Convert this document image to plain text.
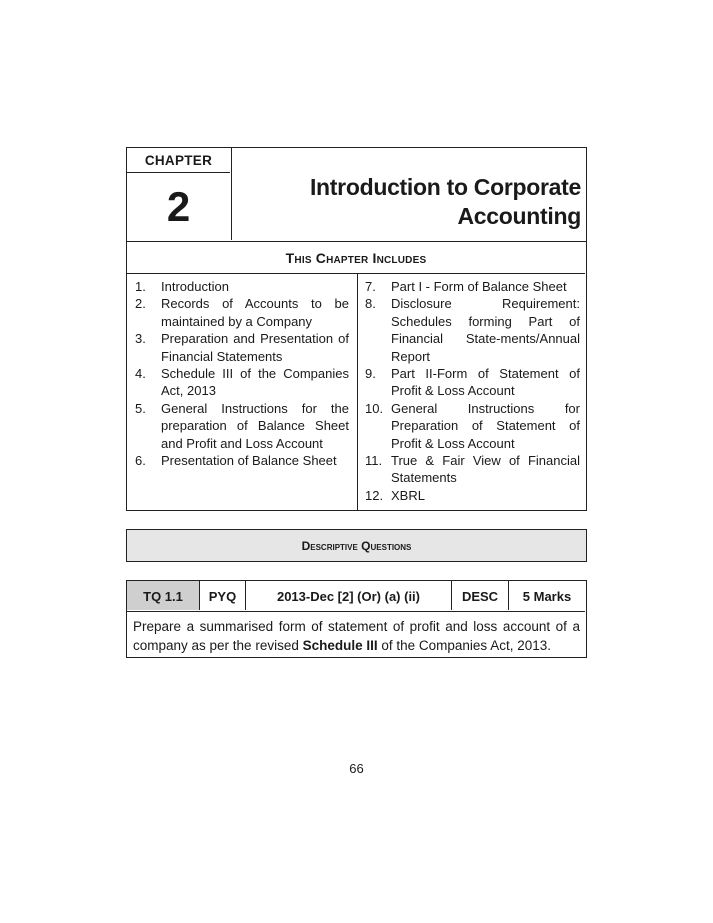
CHAPTER
2	Introduction to Corporate
Accounting
This Chapter Includes
1. Introduction
2. Records of Accounts to be maintained by a Company
3. Preparation and Presentation of Financial Statements
4. Schedule III of the Companies Act, 2013
5. General Instructions for the preparation of Balance Sheet and Profit and Loss Account
6. Presentation of Balance Sheet
7. Part I - Form of Balance Sheet
8. Disclosure Requirement: Schedules forming Part of Financial State-ments/Annual Report
9. Part II-Form of Statement of Profit & Loss Account
10. General Instructions for Preparation of Statement of Profit & Loss Account
11. True & Fair View of Financial Statements
12. XBRL
Descriptive Questions
TQ 1.1	PYQ	2013-Dec [2] (Or) (a) (ii)	DESC	5 Marks
Prepare a summarised form of statement of profit and loss account of a company as per the revised Schedule III of the Companies Act, 2013.
66
